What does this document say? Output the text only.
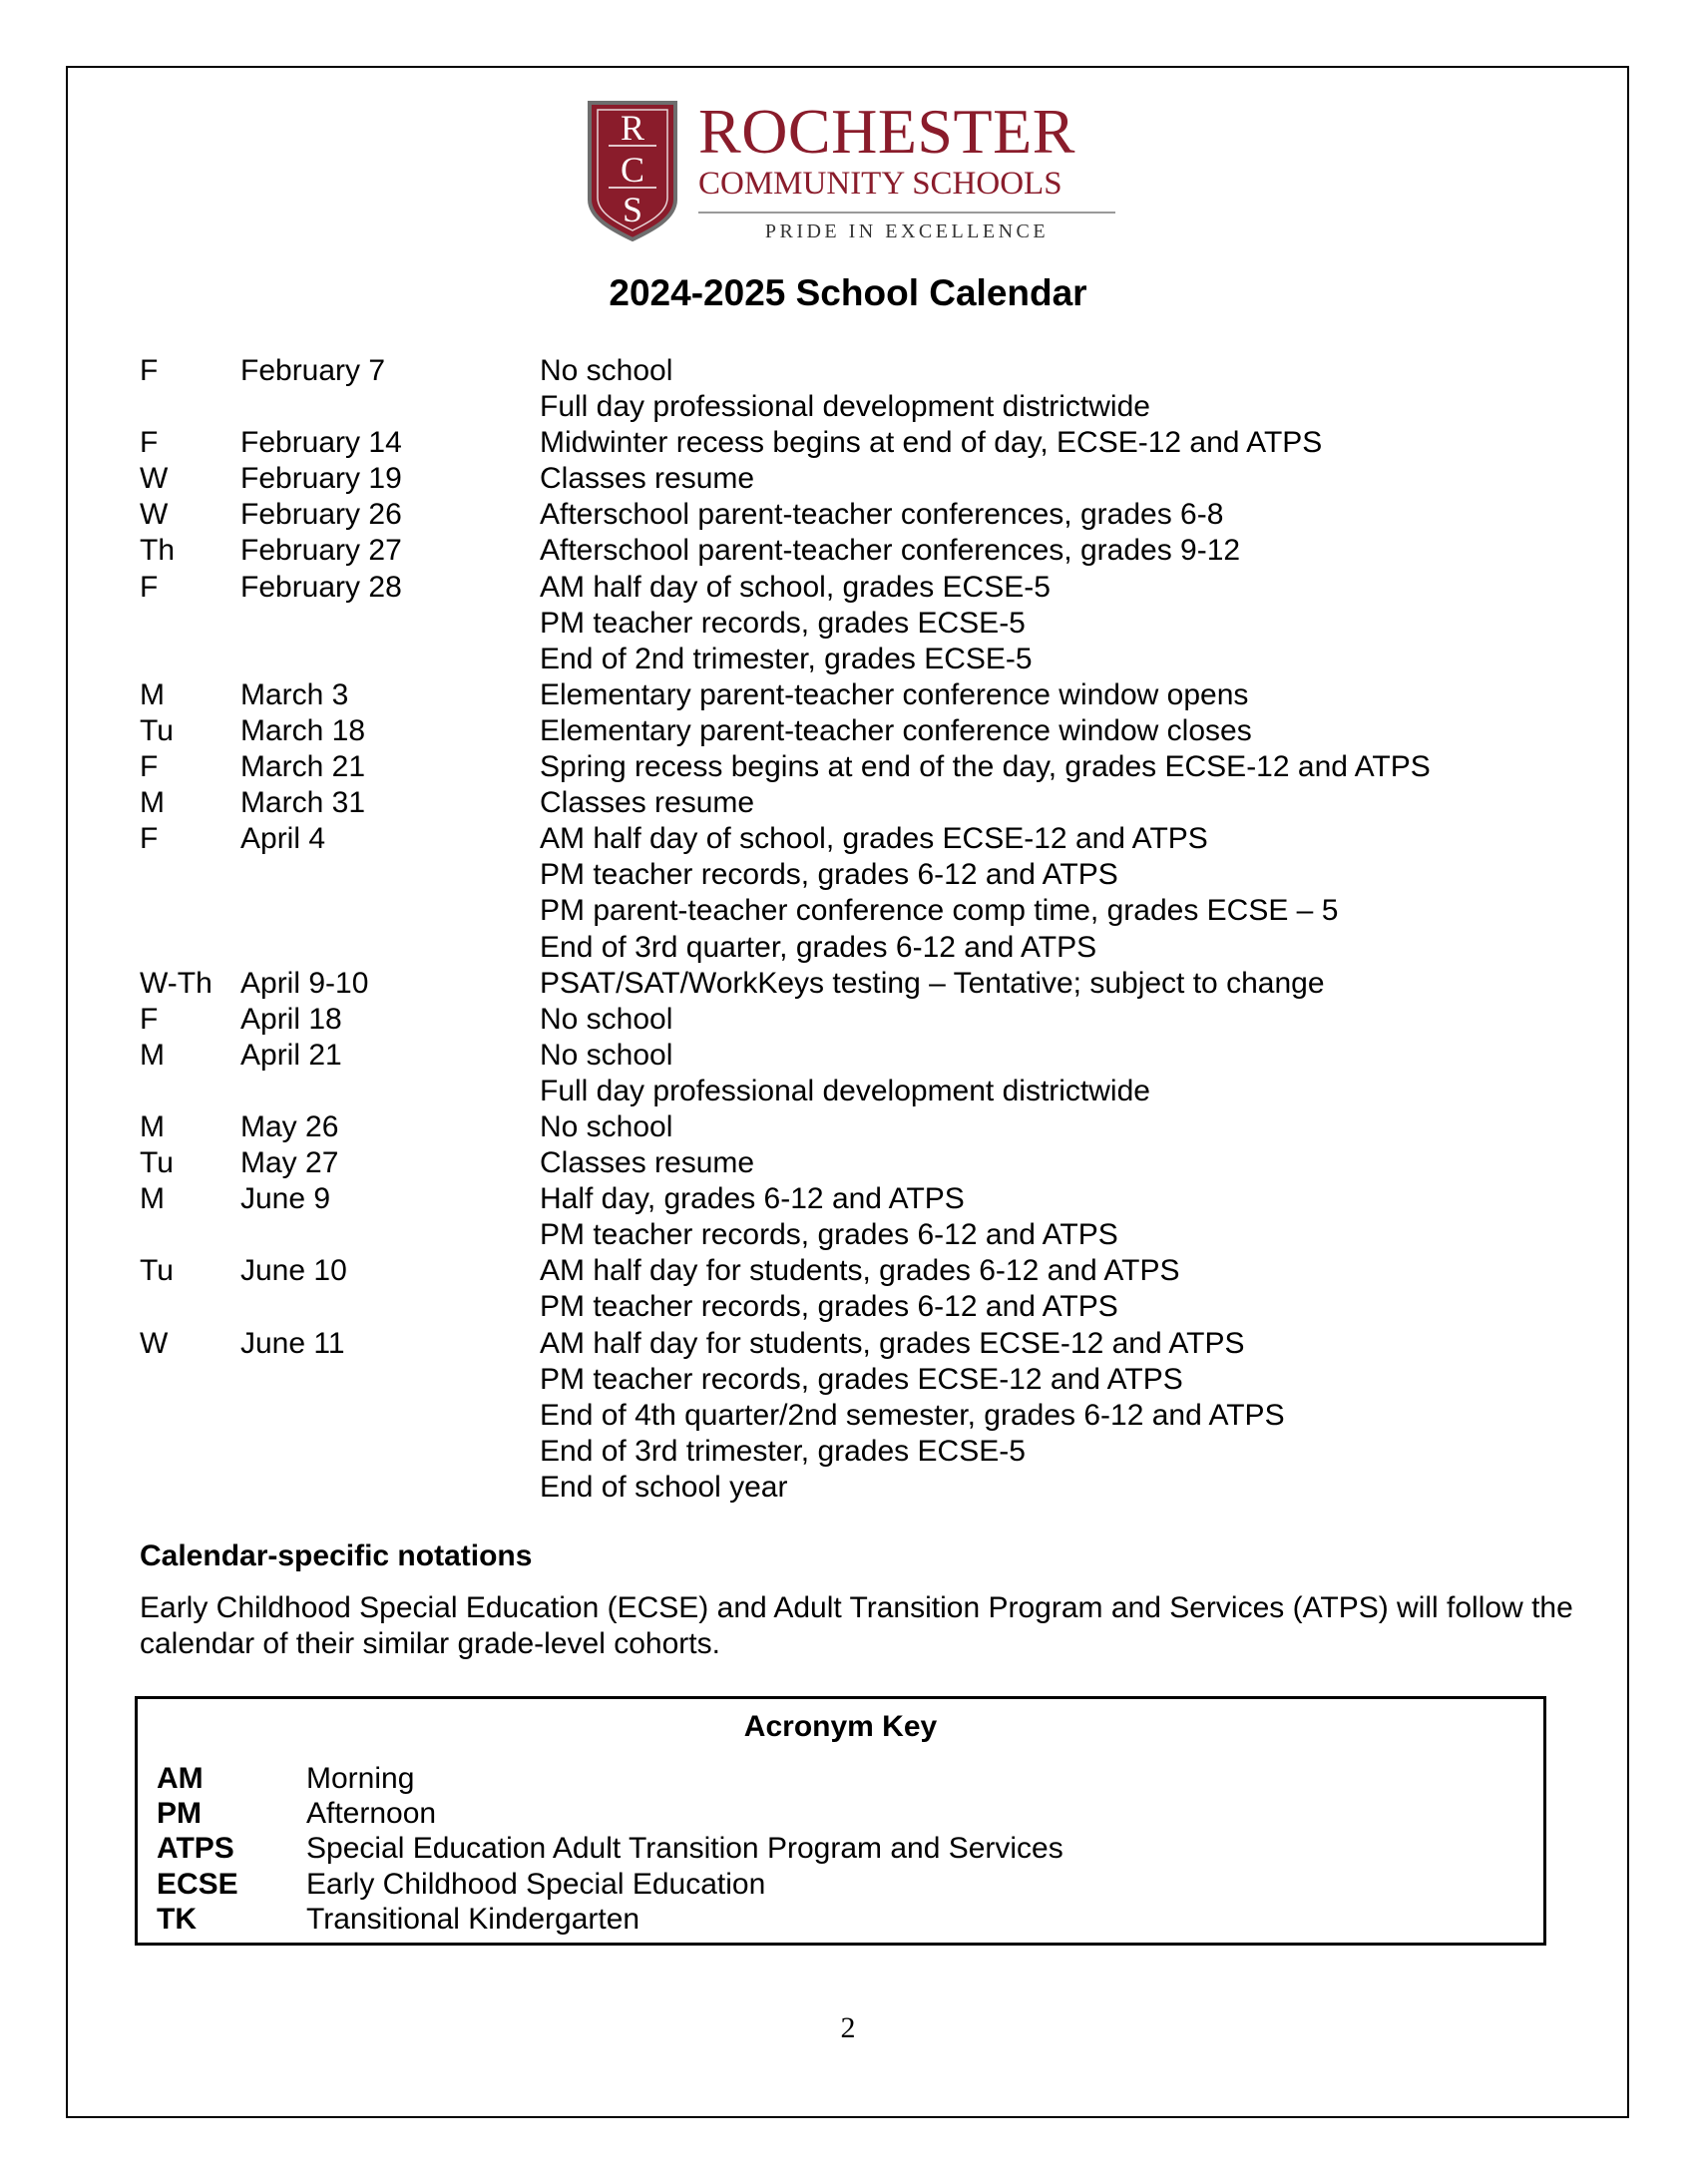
R
C
S
ROCHESTER
COMMUNITY SCHOOLS
PRIDE IN EXCELLENCE
2024-2025 School Calendar
F	February 7	No school
Full day professional development districtwide
F	February 14	Midwinter recess begins at end of day, ECSE-12 and ATPS
W February 19	Classes resume
W February 26	Afterschool parent-teacher conferences, grades 6-8
Th February 27	Afterschool parent-teacher conferences, grades 9-12
F	February 28	AM half day of school, grades ECSE-5
PM teacher records, grades ECSE-5
End of 2nd trimester, grades ECSE-5
M	March 3	Elementary parent-teacher conference window opens
Tu March 18	Elementary parent-teacher conference window closes
F	March 21	Spring recess begins at end of the day, grades ECSE-12 and ATPS
M	March 31	Classes resume
F	April 4	AM half day of school, grades ECSE-12 and ATPS
PM teacher records, grades 6-12 and ATPS
PM parent-teacher conference comp time, grades ECSE – 5
End of 3rd quarter, grades 6-12 and ATPS
W-Th April 9-10	PSAT/SAT/WorkKeys testing – Tentative; subject to change
F	April 18	No school
M	April 21	No school
Full day professional development districtwide
M	May 26	No school
Tu May 27	Classes resume
M	June 9	Half day, grades 6-12 and ATPS
PM teacher records, grades 6-12 and ATPS
Tu June 10	AM half day for students, grades 6-12 and ATPS
PM teacher records, grades 6-12 and ATPS
W June 11	AM half day for students, grades ECSE-12 and ATPS
PM teacher records, grades ECSE-12 and ATPS
End of 4th quarter/2nd semester, grades 6-12 and ATPS
End of 3rd trimester, grades ECSE-5
End of school year
Calendar-specific notations
Early Childhood Special Education (ECSE) and Adult Transition Program and Services (ATPS) will follow the calendar of their similar grade-level cohorts.
Acronym Key
AM	Morning
PM	Afternoon
ATPS Special Education Adult Transition Program and Services
ECSE Early Childhood Special Education
TK	Transitional Kindergarten
2
